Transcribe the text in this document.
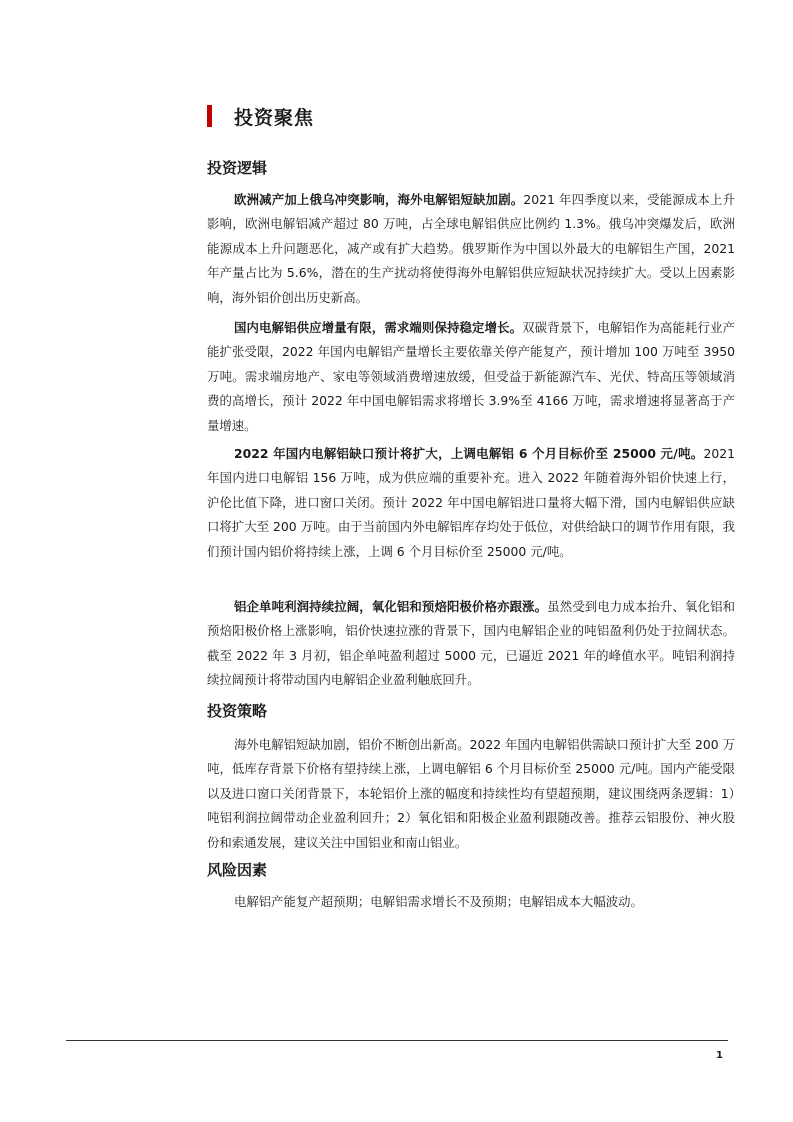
投资聚焦
投资逻辑
欧洲减产加上俄乌冲突影响，海外电解铝短缺加剧。2021 年四季度以来，受能源成本上升影响，欧洲电解铝减产超过 80 万吨，占全球电解铝供应比例约 1.3%。俄乌冲突爆发后，欧洲能源成本上升问题恶化，减产或有扩大趋势。俄罗斯作为中国以外最大的电解铝生产国，2021 年产量占比为 5.6%，潜在的生产扰动将使得海外电解铝供应短缺状况持续扩大。受以上因素影响，海外铝价创出历史新高。
国内电解铝供应增量有限，需求端则保持稳定增长。双碳背景下，电解铝作为高能耗行业产能扩张受限，2022 年国内电解铝产量增长主要依靠关停产能复产，预计增加 100 万吨至 3950 万吨。需求端房地产、家电等领域消费增速放缓，但受益于新能源汽车、光伏、特高压等领域消费的高增长，预计 2022 年中国电解铝需求将增长 3.9%至 4166 万吨，需求增速将显著高于产量增速。
2022 年国内电解铝缺口预计将扩大，上调电解铝 6 个月目标价至 25000 元/吨。2021 年国内进口电解铝 156 万吨，成为供应端的重要补充。进入 2022 年随着海外铝价快速上行，沪伦比值下降，进口窗口关闭。预计 2022 年中国电解铝进口量将大幅下滑，国内电解铝供应缺口将扩大至 200 万吨。由于当前国内外电解铝库存均处于低位，对供给缺口的调节作用有限，我们预计国内铝价将持续上涨，上调 6 个月目标价至 25000 元/吨。
铝企单吨利润持续拉阔，氧化铝和预焙阳极价格亦跟涨。虽然受到电力成本抬升、氧化铝和预焙阳极价格上涨影响，铝价快速拉涨的背景下，国内电解铝企业的吨铝盈利仍处于拉阔状态。截至 2022 年 3 月初，铝企单吨盈利超过 5000 元，已逼近 2021 年的峰值水平。吨铝利润持续拉阔预计将带动国内电解铝企业盈利触底回升。
投资策略
海外电解铝短缺加剧，铝价不断创出新高。2022 年国内电解铝供需缺口预计扩大至 200 万吨，低库存背景下价格有望持续上涨，上调电解铝 6 个月目标价至 25000 元/吨。国内产能受限以及进口窗口关闭背景下，本轮铝价上涨的幅度和持续性均有望超预期，建议围绕两条逻辑：1）吨铝利润拉阔带动企业盈利回升；2）氧化铝和阳极企业盈利跟随改善。推荐云铝股份、神火股份和索通发展，建议关注中国铝业和南山铝业。
风险因素
电解铝产能复产超预期；电解铝需求增长不及预期；电解铝成本大幅波动。
1
